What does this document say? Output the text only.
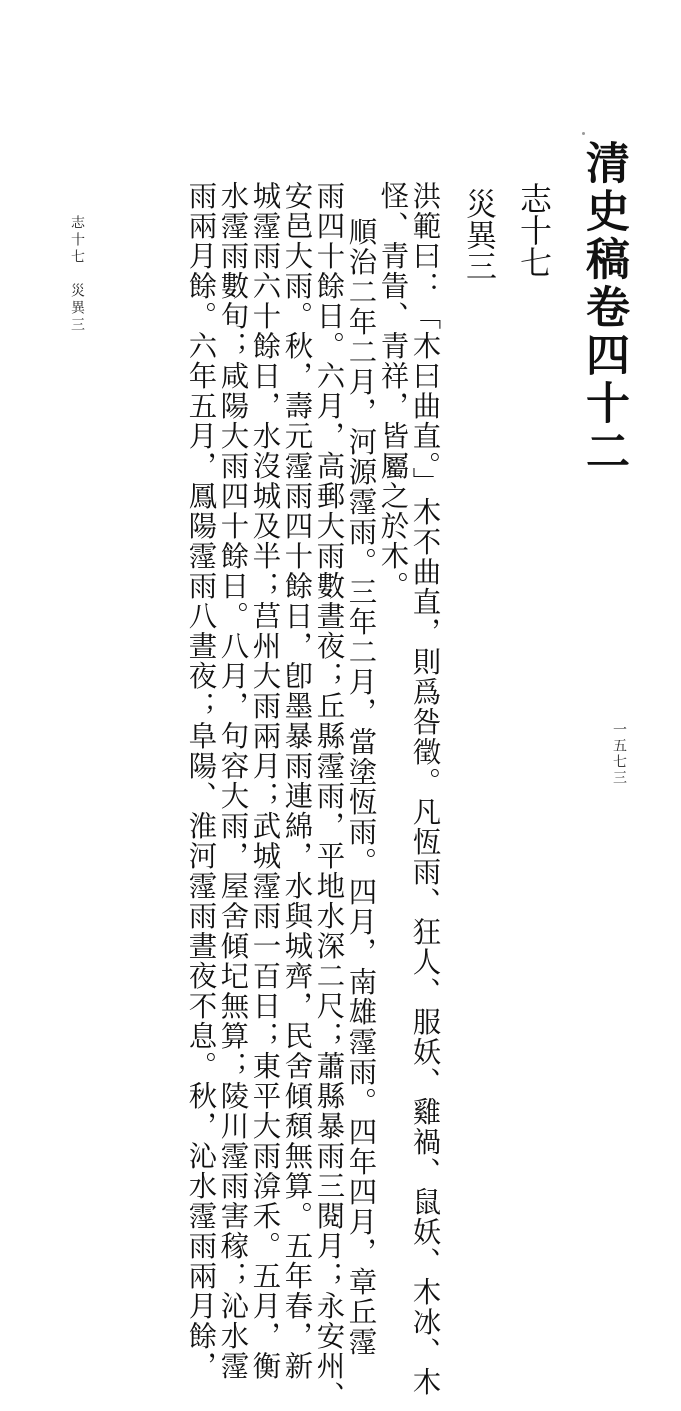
清史稿卷四十二
志十七
災異三
洪範曰：「木曰曲直。」木不曲直，則爲咎徵。凡恆雨、狂人、服妖、雞禍、鼠妖、木冰、木
怪、青眚、青祥，皆屬之於木。
順治二年二月，河源霪雨。三年二月，當塗恆雨。四月，南雄霪雨。四年四月，章丘霪
雨四十餘日。六月，高郵大雨數晝夜；丘縣霪雨，平地水深二尺；蕭縣暴雨三閱月；永安州、
安邑大雨。秋，壽元霪雨四十餘日，卽墨暴雨連綿，水與城齊，民舍傾頹無算。五年春，新
城霪雨六十餘日，水沒城及半；莒州大雨兩月；武城霪雨一百日；東平大雨渰禾。五月，衡
水霪雨數旬；咸陽大雨四十餘日。八月，句容大雨，屋舍傾圮無算；陵川霪雨害稼；沁水霪
雨兩月餘。六年五月，鳳陽霪雨八晝夜；阜陽、淮河霪雨晝夜不息。秋，沁水霪雨兩月餘，
志十七　災異三
一五七三
